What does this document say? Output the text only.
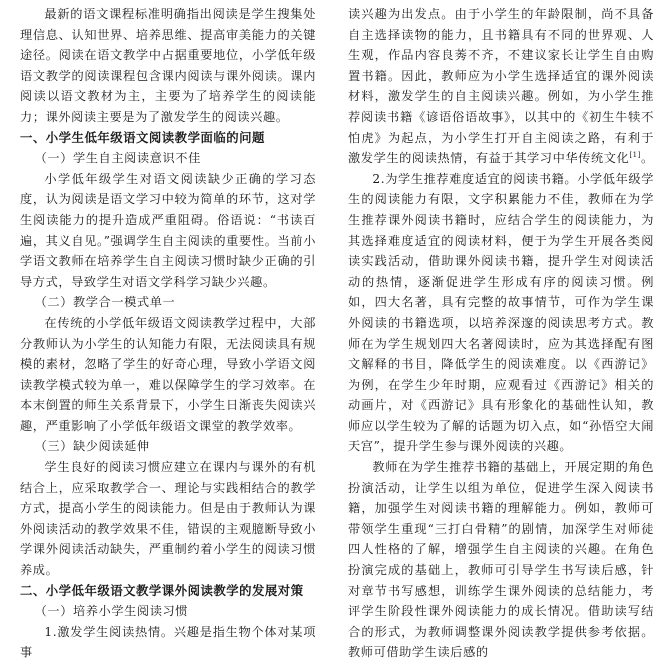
最新的语文课程标准明确指出阅读是学生搜集处理信息、认知世界、培养思维、提高审美能力的关键途径。阅读在语文教学中占据重要地位，小学低年级语文教学的阅读课程包含课内阅读与课外阅读。课内阅读以语文教材为主，主要为了培养学生的阅读能力；课外阅读主要是为了激发学生的阅读兴趣。

一、小学生低年级语文阅读教学面临的问题

（一）学生自主阅读意识不佳

小学低年级学生对语文阅读缺少正确的学习态度，认为阅读是语文学习中较为简单的环节，这对学生阅读能力的提升造成严重阻碍。俗语说：“书读百遍，其义自见。”强调学生自主阅读的重要性。当前小学语文教师在培养学生自主阅读习惯时缺少正确的引导方式，导致学生对语文学科学习缺少兴趣。

（二）教学合一模式单一

在传统的小学低年级语文阅读教学过程中，大部分教师认为小学生的认知能力有限，无法阅读具有规模的素材，忽略了学生的好奇心理，导致小学语文阅读教学模式较为单一，难以保障学生的学习效率。在本末倒置的师生关系背景下，小学生日渐丧失阅读兴趣，严重影响了小学低年级语文课堂的教学效率。

（三）缺少阅读延伸

学生良好的阅读习惯应建立在课内与课外的有机结合上，应采取教学合一、理论与实践相结合的教学方式，提高小学生的阅读能力。但是由于教师认为课外阅读活动的教学效果不佳，错误的主观臆断导致小学课外阅读活动缺失，严重制约着小学生的阅读习惯养成。

二、小学低年级语文教学课外阅读教学的发展对策

（一）培养小学生阅读习惯

1.激发学生阅读热情。兴趣是指生物个体对某项事

读兴趣为出发点。由于小学生的年龄限制，尚不具备自主选择读物的能力，且书籍具有不同的世界观、人生观，作品内容良莠不齐，不建议家长让学生自由购置书籍。因此，教师应为小学生选择适宜的课外阅读材料，激发学生的自主阅读兴趣。例如，为小学生推荐阅读书籍《谚语俗语故事》，以其中的《初生牛犊不怕虎》为起点，为小学生打开自主阅读之路，有利于激发学生的阅读热情，有益于其学习中华传统文化[1]。

2.为学生推荐难度适宜的阅读书籍。小学低年级学生的阅读能力有限，文字积累能力不佳，教师在为学生推荐课外阅读书籍时，应结合学生的阅读能力，为其选择难度适宜的阅读材料，便于为学生开展各类阅读实践活动，借助课外阅读书籍，提升学生对阅读活动的热情，逐渐促进学生形成有序的阅读习惯。例如，四大名著，具有完整的故事情节，可作为学生课外阅读的书籍选项，以培养深邃的阅读思考方式。教师在为学生规划四大名著阅读时，应为其选择配有图文解释的书目，降低学生的阅读难度。以《西游记》为例，在学生少年时期，应观看过《西游记》相关的动画片，对《西游记》具有形象化的基础性认知，教师应以学生较为了解的话题为切入点，如“孙悟空大闹天宫”，提升学生参与课外阅读的兴趣。

教师在为学生推荐书籍的基础上，开展定期的角色扮演活动，让学生以组为单位，促进学生深入阅读书籍，加强学生对阅读书籍的理解能力。例如，教师可带领学生重现“三打白骨精”的剧情，加深学生对师徒四人性格的了解，增强学生自主阅读的兴趣。在角色扮演完成的基础上，教师可引导学生书写读后感，针对章节书写感想，训练学生课外阅读的总结能力，考评学生阶段性课外阅读能力的成长情况。借助读写结合的形式，为教师调整课外阅读教学提供参考依据。教师可借助学生读后感的
